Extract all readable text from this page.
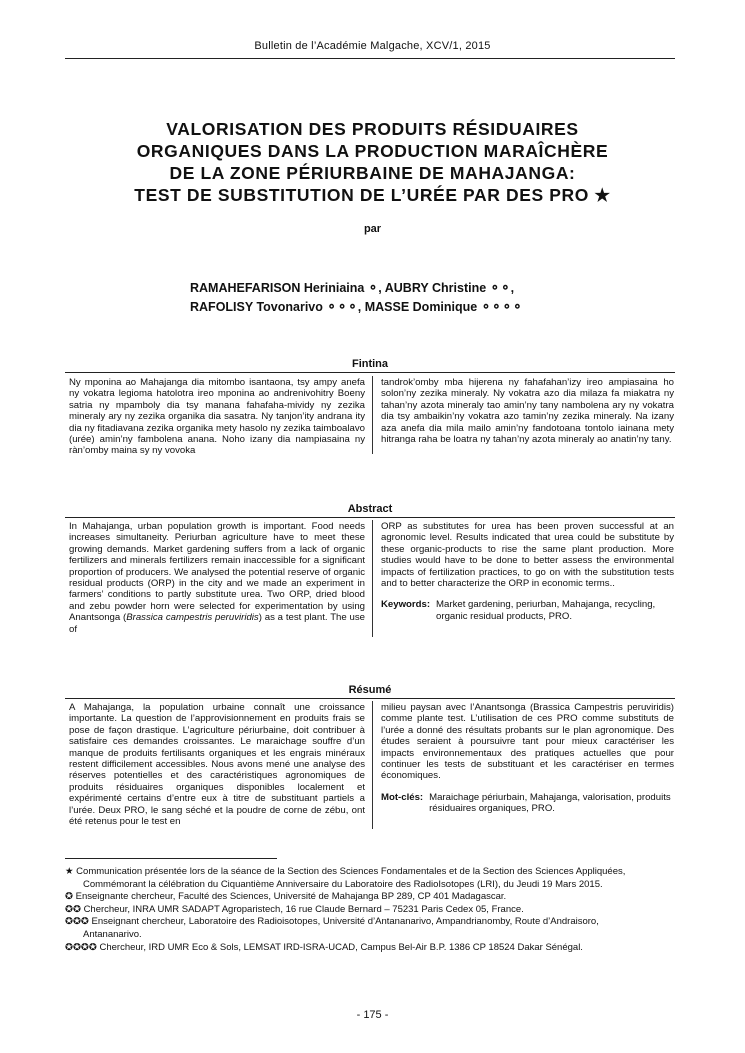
Bulletin de l’Académie Malgache, XCV/1, 2015
VALORISATION DES PRODUITS RÉSIDUAIRES
ORGANIQUES DANS LA PRODUCTION MARAÎCHÈRE
DE LA ZONE PÉRIURBAINE DE MAHAJANGA:
TEST DE SUBSTITUTION DE L’URÉE PAR DES PRO ★
par
RAMAHEFARISON Heriniaina ⚬, AUBRY Christine ⚬⚬,
RAFOLISY Tovonarivo ⚬⚬⚬, MASSE Dominique ⚬⚬⚬⚬
Fintina

Ny mponina ao Mahajanga dia mitombo isantaona, tsy ampy anefa ny vokatra legioma hatolotra ireo mponina ao andrenivohitry Boeny satria ny mpamboly dia tsy manana fahafaha-mividy ny zezika mineraly ary ny zezika organika dia sasatra. Ny tanjon’ity andrana ity dia ny fitadiavana zezika organika mety hasolo ny zezika taimboalavo (urée) amin’ny fambolena anana. Noho izany dia nampiasaina ny ràn’omby maina sy ny vovoka

tandrok’omby mba hijerena ny fahafahan’izy ireo ampiasaina ho solon’ny zezika mineraly. Ny vokatra azo dia milaza fa miakatra ny tahan’ny azota mineraly tao amin’ny tany nambolena ary ny vokatra dia tsy ambaikin’ny vokatra azo tamin’ny zezika mineraly. Na izany aza anefa dia mila mailo amin’ny fandotoana tontolo iainana mety hitranga raha be loatra ny tahan’ny azota mineraly ao anatin’ny tany.

Abstract

In Mahajanga, urban population growth is important. Food needs increases simultaneity. Periurban agriculture have to meet these growing demands. Market gardening suffers from a lack of organic fertilizers and minerals fertilizers remain inaccessible for a significant proportion of producers. We analysed the potential reserve of organic residual products (ORP) in the city and we made an experiment in farmers’ conditions to partly substitute urea. Two ORP, dried blood and zebu powder horn were selected for experimentation by using Anantsonga (Brassica campestris peruviridis) as a test plant. The use of

ORP as substitutes for urea has been proven successful at an agronomic level. Results indicated that urea could be substitute by these organic-products to rise the same plant production. More studies would have to be done to better assess the environmental impacts of fertilization practices, to go on with the substitution tests and to better characterize the ORP in economic terms..

Keywords: Market gardening, periurban, Mahajanga, recycling, organic residual products, PRO.
Résumé

A Mahajanga, la population urbaine connaît une croissance importante. La question de l’approvisionnement en produits frais se pose de façon drastique. L’agriculture périurbaine, doit contribuer à satisfaire ces demandes croissantes. Le maraichage souffre d’un manque de produits fertilisants organiques et les engrais minéraux restent difficilement accessibles. Nous avons mené une analyse des réserves potentielles et des caractéristiques agronomiques de produits résiduaires organiques disponibles localement et expérimenté certains d’entre eux à titre de substituant partiels a l’urée. Deux PRO, le sang séché et la poudre de corne de zébu, ont été retenus pour le test en

milieu paysan avec l’Anantsonga (Brassica Campestris peruviridis) comme plante test. L’utilisation de ces PRO comme substituts de l’urée a donné des résultats probants sur le plan agronomique. Des études seraient à poursuivre tant pour mieux caractériser les impacts environnementaux des pratiques actuelles que pour continuer les tests de substituant et les caractériser en termes économiques.

Mot-clés: Maraichage périurbain, Mahajanga, valorisation, produits résiduaires organiques, PRO.

★ Communication présentée lors de la séance de la Section des Sciences Fondamentales et de la Section des Sciences Appliquées,

Commémorant la célébration du Ciquantième Anniversaire du Laboratoire des RadioIsotopes (LRI), du Jeudi 19 Mars 2015.

✪ Enseignante chercheur, Faculté des Sciences, Université de Mahajanga BP 289, CP 401 Madagascar.

✪✪ Chercheur, INRA UMR SADAPT Agroparistech, 16 rue Claude Bernard – 75231 Paris Cedex 05, France.

✪✪✪ Enseignant chercheur, Laboratoire des Radioisotopes, Université d’Antananarivo, Ampandrianomby, Route d’Andraisoro,

Antananarivo.

✪✪✪✪ Chercheur, IRD UMR Eco & Sols, LEMSAT IRD-ISRA-UCAD, Campus Bel-Air B.P. 1386 CP 18524 Dakar Sénégal.

- 175 -
